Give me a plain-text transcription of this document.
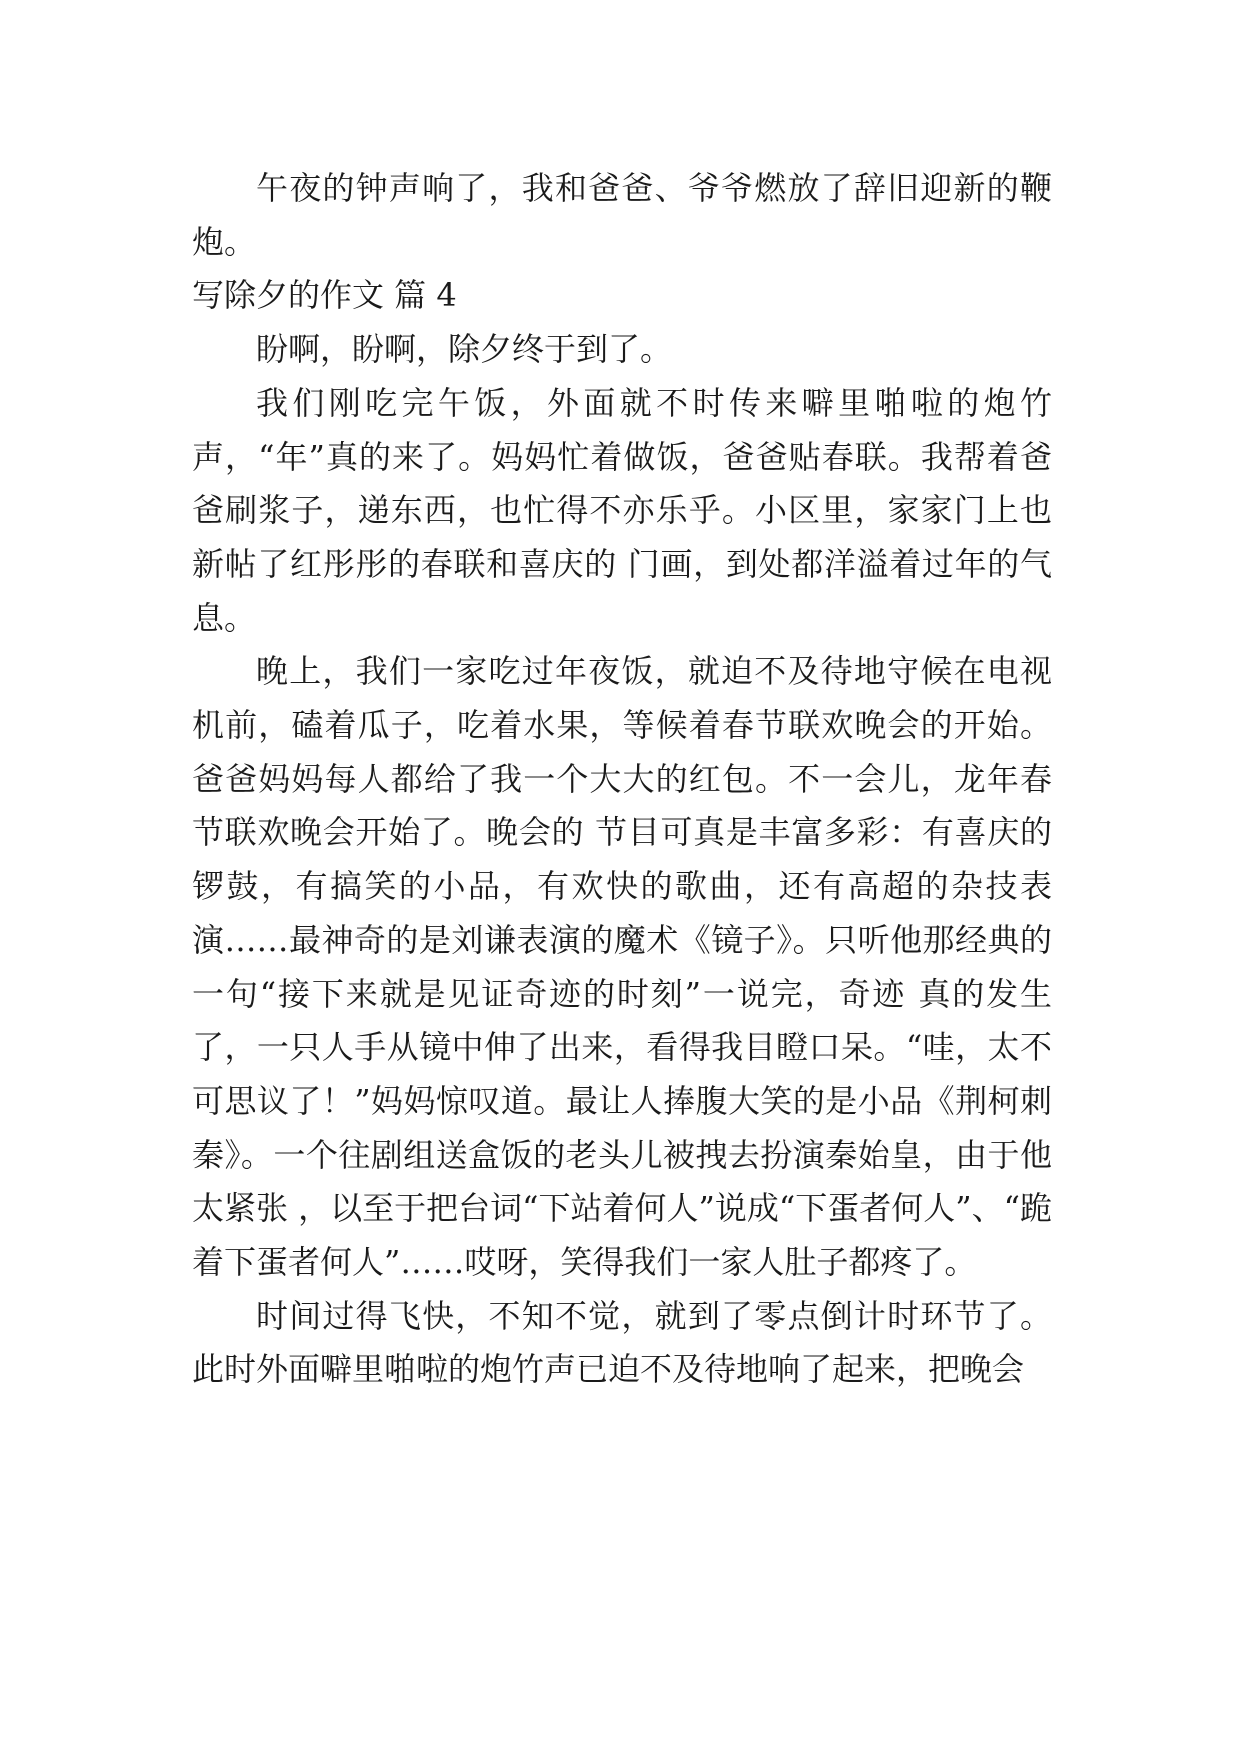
午夜的钟声响了，我和爸爸、爷爷燃放了辞旧迎新的鞭炮。

写除夕的作文 篇 4

盼啊，盼啊，除夕终于到了。

我们刚吃完午饭，外面就不时传来噼里啪啦的炮竹声，“年”真的来了。妈妈忙着做饭，爸爸贴春联。我帮着爸爸刷浆子，递东西，也忙得不亦乐乎。小区里，家家门上也新帖了红彤彤的春联和喜庆的 门画，到处都洋溢着过年的气息。

晚上，我们一家吃过年夜饭，就迫不及待地守候在电视机前，磕着瓜子，吃着水果，等候着春节联欢晚会的开始。爸爸妈妈每人都给了我一个大大的红包。不一会儿，龙年春节联欢晚会开始了。晚会的 节目可真是丰富多彩：有喜庆的锣鼓，有搞笑的小品，有欢快的歌曲，还有高超的杂技表演……最神奇的是刘谦表演的魔术《镜子》。只听他那经典的一句“接下来就是见证奇迹的时刻”一说完，奇迹 真的发生了，一只人手从镜中伸了出来，看得我目瞪口呆。“哇，太不可思议了！”妈妈惊叹道。最让人捧腹大笑的是小品《荆柯刺秦》。一个往剧组送盒饭的老头儿被拽去扮演秦始皇，由于他太紧张 ，以至于把台词“下站着何人”说成“下蛋者何人”、“跪着下蛋者何人”……哎呀，笑得我们一家人肚子都疼了。

时间过得飞快，不知不觉，就到了零点倒计时环节了。此时外面噼里啪啦的炮竹声已迫不及待地响了起来，把晚会
